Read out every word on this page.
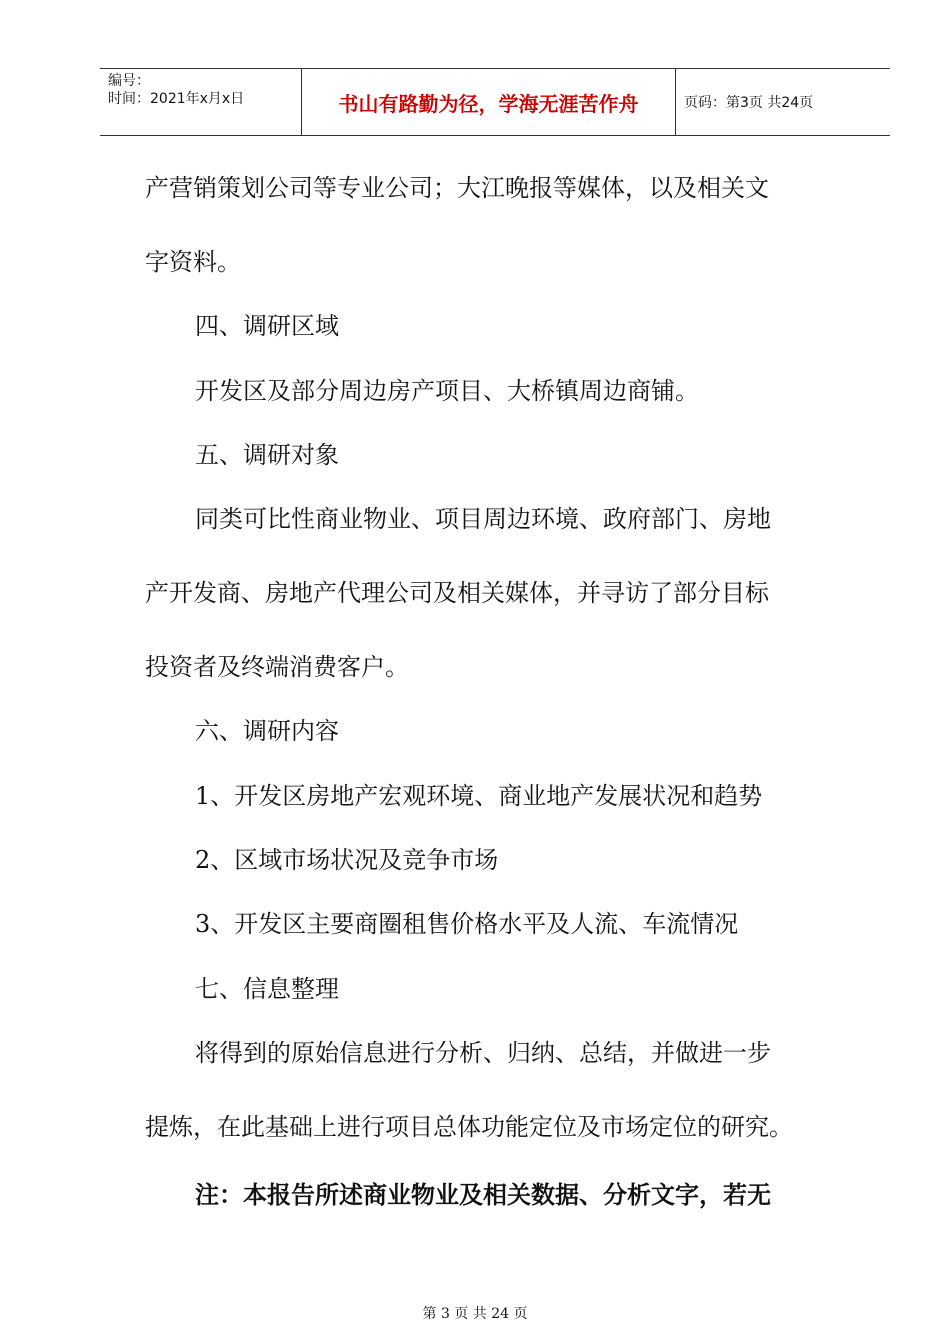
编号：
时间：2021年x月x日	书山有路勤为径，学海无涯苦作舟	页码：第3页 共24页
产营销策划公司等专业公司；大江晚报等媒体，以及相关文
字资料。
四、调研区域
开发区及部分周边房产项目、大桥镇周边商铺。
五、调研对象
同类可比性商业物业、项目周边环境、政府部门、房地
产开发商、房地产代理公司及相关媒体，并寻访了部分目标
投资者及终端消费客户。
六、调研内容
1、开发区房地产宏观环境、商业地产发展状况和趋势
2、区域市场状况及竞争市场
3、开发区主要商圈租售价格水平及人流、车流情况
七、信息整理
将得到的原始信息进行分析、归纳、总结，并做进一步
提炼，在此基础上进行项目总体功能定位及市场定位的研究。
注：本报告所述商业物业及相关数据、分析文字，若无
第 3 页 共 24 页
